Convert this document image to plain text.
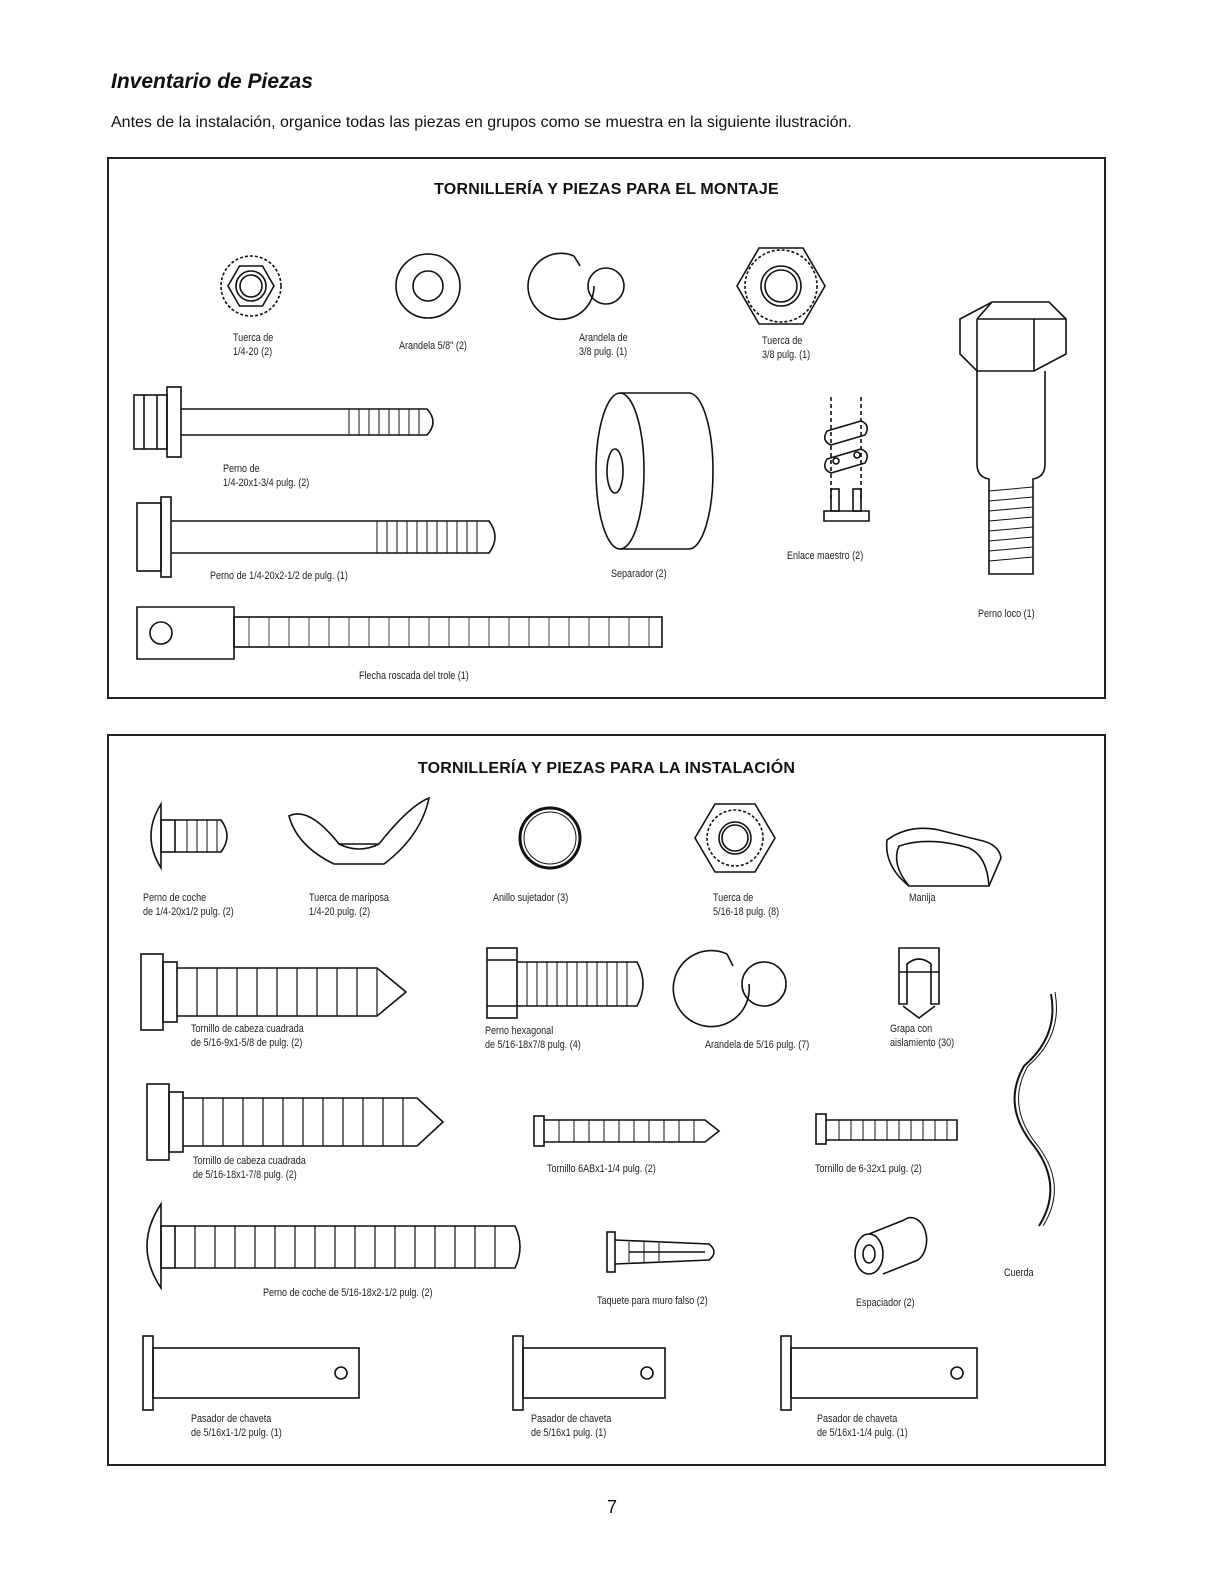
Inventario de Piezas

Antes de la instalación, organice todas las piezas en grupos como se muestra en la siguiente ilustración.

TORNILLERÍA Y PIEZAS PARA EL MONTAJE
Tuerca de
1/4-20 (2)	Arandela 5/8" (2)
Arandela de
3/8 pulg. (1)
Tuerca de
3/8 pulg. (1)
Perno de
1/4-20x1-3/4 pulg. (2)
Separador (2)
Enlace maestro (2)
Perno de 1/4-20x2-1/2 de pulg. (1)
Perno loco (1)
Flecha roscada del trole (1)
TORNILLERÍA Y PIEZAS PARA LA INSTALACIÓN
Perno de coche
de 1/4-20x1/2 pulg. (2)
Tuerca de mariposa
1/4-20 pulg. (2)
Anillo sujetador (3)	Tuerca de
5/16-18 pulg. (8)
Manija
Tornillo de cabeza cuadrada
de 5/16-9x1-5/8 de pulg. (2)
Perno hexagonal
de 5/16-18x7/8 pulg. (4)	Arandela de 5/16 pulg. (7)
Grapa con
aislamiento (30)
Tornillo de cabeza cuadrada
de 5/16-18x1-7/8 pulg. (2)	Tornillo 6ABx1-1/4 pulg. (2)	Tornillo de 6-32x1 pulg. (2)
Perno de coche de 5/16-18x2-1/2 pulg. (2)
Taquete para muro falso (2)	Espaciador (2)
Cuerda
Pasador de chaveta
de 5/16x1-1/2 pulg. (1)
Pasador de chaveta
de 5/16x1 pulg. (1)
Pasador de chaveta
de 5/16x1-1/4 pulg. (1)
7
